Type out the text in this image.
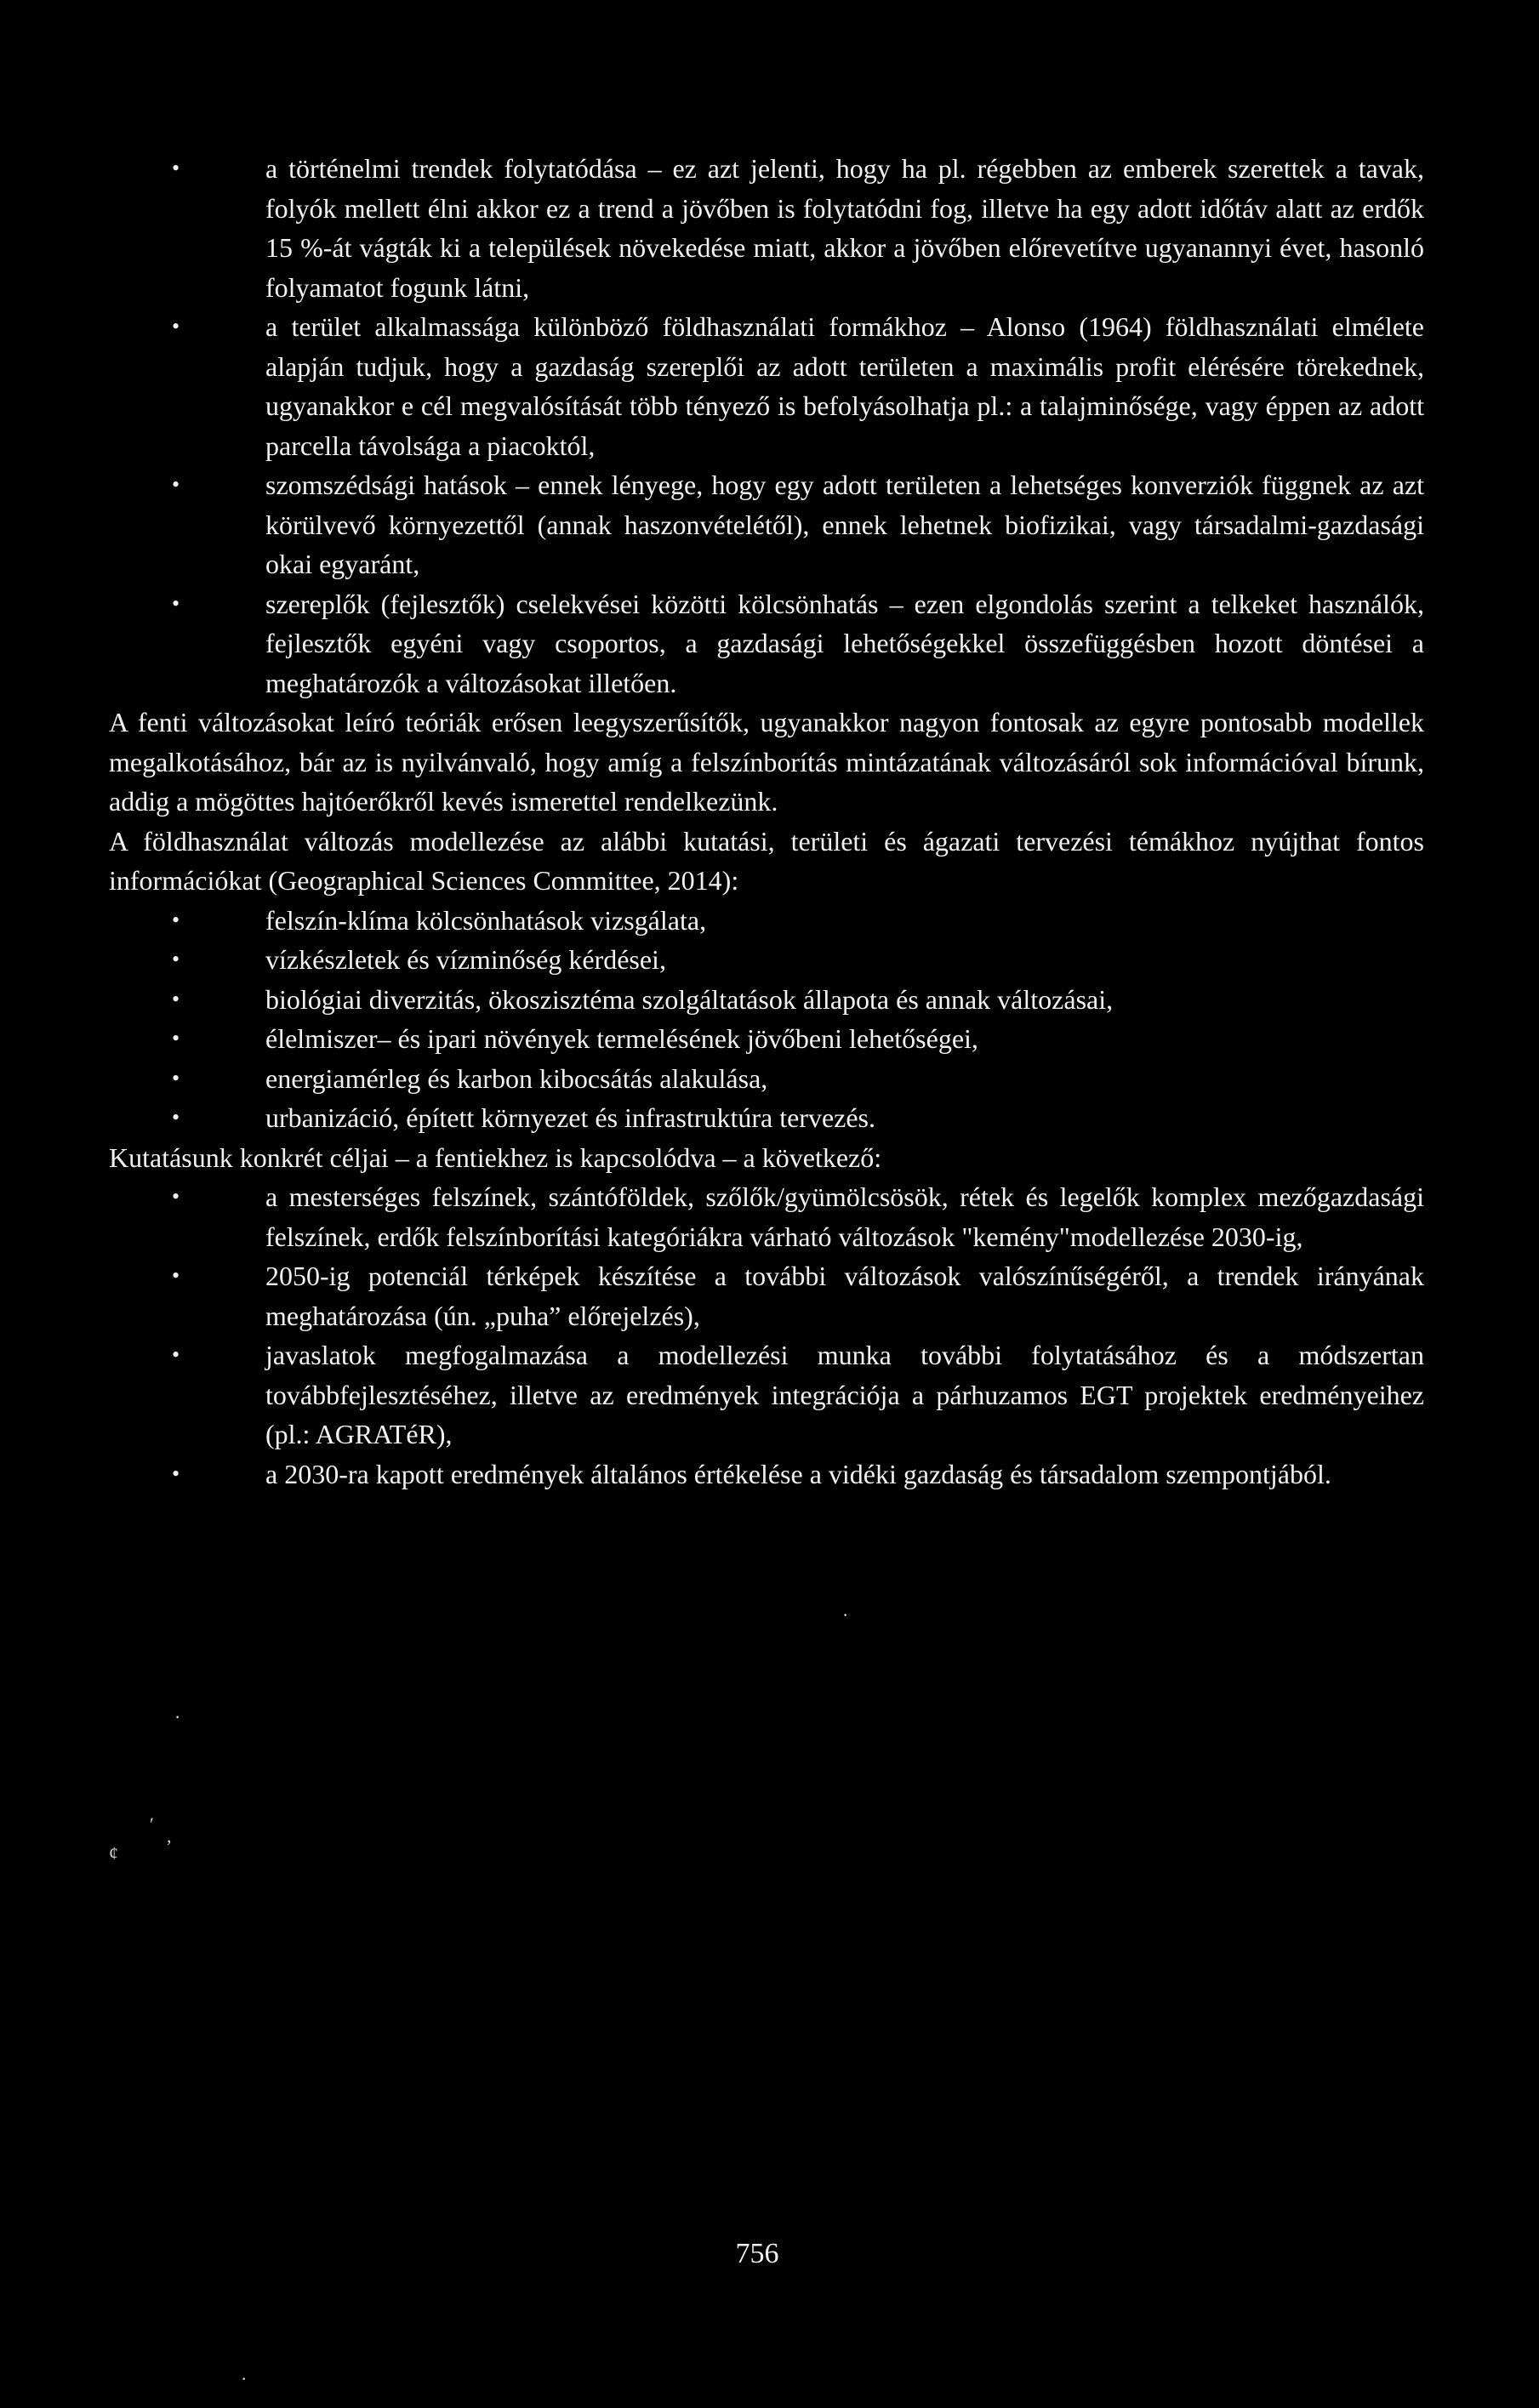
•	a történelmi trendek folytatódása – ez azt jelenti, hogy ha pl. régebben az emberek szerettek a tavak, folyók mellett élni akkor ez a trend a jövőben is folytatódni fog, illetve ha egy adott időtáv alatt az erdők 15 %-át vágták ki a települések növekedése miatt, akkor a jövőben előrevetítve ugyanannyi évet, hasonló folyamatot fogunk látni,
•	a terület alkalmassága különböző földhasználati formákhoz – Alonso (1964) földhasználati elmélete alapján tudjuk, hogy a gazdaság szereplői az adott területen a maximális profit elérésére törekednek, ugyanakkor e cél megvalósítását több tényező is befolyásolhatja pl.: a talajminősége, vagy éppen az adott parcella távolsága a piacoktól,
•	szomszédsági hatások – ennek lényege, hogy egy adott területen a lehetséges konverziók függnek az azt körülvevő környezettől (annak haszonvételétől), ennek lehetnek biofizikai, vagy társadalmi-gazdasági okai egyaránt,
•	szereplők (fejlesztők) cselekvései közötti kölcsönhatás – ezen elgondolás szerint a telkeket használók, fejlesztők egyéni vagy csoportos, a gazdasági lehetőségekkel összefüggésben hozott döntései a meghatározók a változásokat illetően.

A fenti változásokat leíró teóriák erősen leegyszerűsítők, ugyanakkor nagyon fontosak az egyre pontosabb modellek megalkotásához, bár az is nyilvánvaló, hogy amíg a felszínborítás mintázatának változásáról sok információval bírunk, addig a mögöttes hajtóerőkről kevés ismerettel rendelkezünk.

A földhasználat változás modellezése az alábbi kutatási, területi és ágazati tervezési témákhoz nyújthat fontos információkat (Geographical Sciences Committee, 2014):

•	felszín-klíma kölcsönhatások vizsgálata,
•	vízkészletek és vízminőség kérdései,
•	biológiai diverzitás, ökoszisztéma szolgáltatások állapota és annak változásai,
•	élelmiszer– és ipari növények termelésének jövőbeni lehetőségei,
•	energiamérleg és karbon kibocsátás alakulása,
•	urbanizáció, épített környezet és infrastruktúra tervezés.

Kutatásunk konkrét céljai – a fentiekhez is kapcsolódva – a következő:

•	a mesterséges felszínek, szántóföldek, szőlők/gyümölcsösök, rétek és legelők komplex mezőgazdasági felszínek, erdők felszínborítási kategóriákra várható változások "kemény"modellezése 2030-ig,
•	2050-ig potenciál térképek készítése a további változások valószínűségéről, a trendek irányának meghatározása (ún. „puha” előrejelzés),
•	javaslatok megfogalmazása a modellezési munka további folytatásához és a módszertan továbbfejlesztéséhez, illetve az eredmények integrációja a párhuzamos EGT projektek eredményeihez (pl.: AGRATéR),
•	a 2030-ra kapott eredmények általános értékelése a vidéki gazdaság és társadalom szempontjából.
·
·
′
,
ȼ
·
756
